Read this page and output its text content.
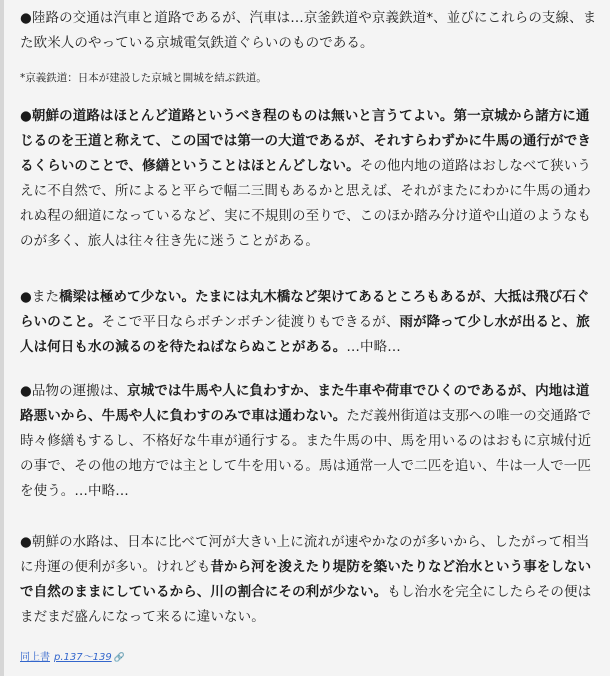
●陸路の交通は汽車と道路であるが、汽車は…京釜鉄道や京義鉄道*、並びにこれらの支線、また欧米人のやっている京城電気鉄道ぐらいのものである。

*京義鉄道：日本が建設した京城と開城を結ぶ鉄道。

●朝鮮の道路はほとんど道路というべき程のものは無いと言うてよい。第一京城から諸方に通じるのを王道と称えて、この国では第一の大道であるが、それすらわずかに牛馬の通行ができるくらいのことで、修繕ということはほとんどしない。その他内地の道路はおしなべて狭いうえに不自然で、所によると平らで幅二三間もあるかと思えば、それがまたにわかに牛馬の通われぬ程の細道になっているなど、実に不規則の至りで、このほか踏み分け道や山道のようなものが多く、旅人は往々往き先に迷うことがある。

●また橋梁は極めて少ない。たまには丸木橋など架けてあるところもあるが、大抵は飛び石ぐらいのこと。そこで平日ならボチンボチン徒渡りもできるが、雨が降って少し水が出ると、旅人は何日も水の減るのを待たねばならぬことがある。…中略…

●品物の運搬は、京城では牛馬や人に負わすか、また牛車や荷車でひくのであるが、内地は道路悪いから、牛馬や人に負わすのみで車は通わない。ただ義州街道は支那への唯一の交通路で時々修繕もするし、不格好な牛車が通行する。また牛馬の中、馬を用いるのはおもに京城付近の事で、その他の地方では主として牛を用いる。馬は通常一人で二匹を追い、牛は一人で一匹を使う。…中略…

●朝鮮の水路は、日本に比べて河が大きい上に流れが速やかなのが多いから、したがって相当に舟運の便利が多い。けれども昔から河を浚えたり堤防を築いたりなど治水という事をしないで自然のままにしているから、川の割合にその利が少ない。もし治水を完全にしたらその便はまだまだ盛んになって来るに違いない。

同上書 p.137～139 🔗
